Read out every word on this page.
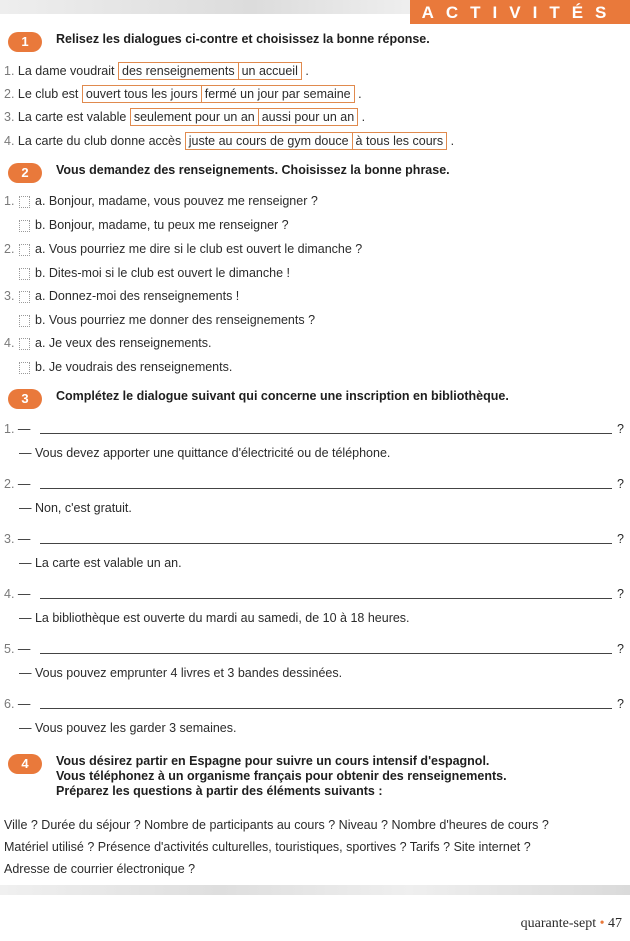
ACTIVITÉS
1	Relisez les dialogues ci-contre et choisissez la bonne réponse.
1. La dame voudrait des renseignements un accueil .
2. Le club est ouvert tous les jours fermé un jour par semaine .
3. La carte est valable seulement pour un an aussi pour un an .
4. La carte du club donne accès juste au cours de gym douce à tous les cours .
2	Vous demandez des renseignements. Choisissez la bonne phrase.
1. a. Bonjour, madame, vous pouvez me renseigner ?
b. Bonjour, madame, tu peux me renseigner ?
2. a. Vous pourriez me dire si le club est ouvert le dimanche ?
b. Dites-moi si le club est ouvert le dimanche !
3. a. Donnez-moi des renseignements !
b. Vous pourriez me donner des renseignements ?
4. a. Je veux des renseignements.
b. Je voudrais des renseignements.
3	Complétez le dialogue suivant qui concerne une inscription en bibliothèque.
1. —	?
— Vous devez apporter une quittance d'électricité ou de téléphone.
2. —	?
— Non, c'est gratuit.
3. —	?
— La carte est valable un an.
4. —	?
— La bibliothèque est ouverte du mardi au samedi, de 10 à 18 heures.
5. —	?
— Vous pouvez emprunter 4 livres et 3 bandes dessinées.
6. —	?
— Vous pouvez les garder 3 semaines.
4	Vous désirez partir en Espagne pour suivre un cours intensif d'espagnol.
Vous téléphonez à un organisme français pour obtenir des renseignements.
Préparez les questions à partir des éléments suivants :
Ville ? Durée du séjour ? Nombre de participants au cours ? Niveau ? Nombre d'heures de cours ?
Matériel utilisé ? Présence d'activités culturelles, touristiques, sportives ? Tarifs ? Site internet ?
Adresse de courrier électronique ?
quarante-sept • 47
